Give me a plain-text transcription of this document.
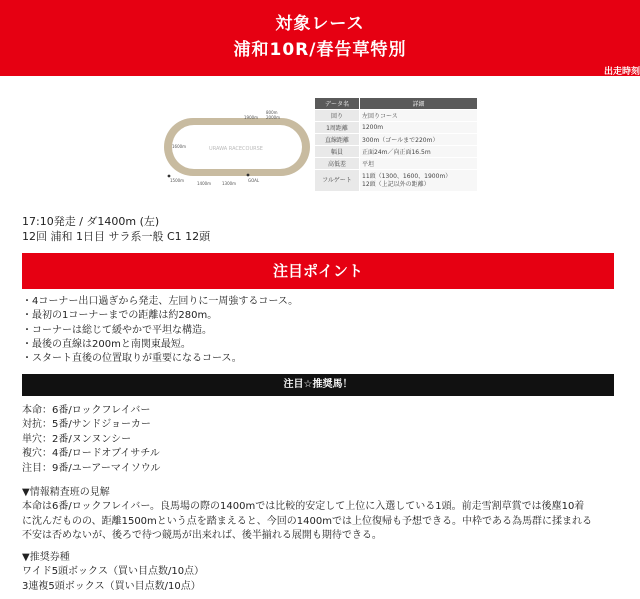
対象レース
浦和10R/春告草特別
出走時刻
URAWA RACECOURSE
800m
1900m 2000m
1600m
1500m
1400m	1300m
GOAL
データ名	詳細
回り	左回りコース
1周距離	1200m
直線距離	300m（ゴールまで220m）
幅員	正面24m／向正面16.5m
高低差	平坦
フルゲート	11頭（1300、1600、1900m）
12頭（上記以外の距離）
17:10発走 / ダ1400m (左)
12回 浦和 1日目 サラ系一般 C1 12頭
注目ポイント
・4コーナー出口過ぎから発走、左回りに一周強するコース。
・最初の1コーナーまでの距離は約280m。
・コーナーは総じて緩やかで平坦な構造。
・最後の直線は200mと南関東最短。
・スタート直後の位置取りが重要になるコース。
注目☆推奨馬！
本命：6番/ロックフレイバー
対抗：5番/サンドジョーカー
単穴：2番/ヌンヌンシー
複穴：4番/ロードオブイサチル
注目：9番/ユーアーマイソウル

▼情報精査班の見解

本命は6番/ロックフレイバー。良馬場の際の1400mでは比較的安定して上位に入選している1頭。前走雪割草賞では後塵10着

に沈んだものの、距離1500mという点を踏まえると、今回の1400mでは上位復帰も予想できる。中枠である為馬群に揉まれる

不安は否めないが、後ろで待つ競馬が出来れば、後半揃れる展開も期待できる。

▼推奨券種

ワイド5頭ボックス（買い目点数/10点）

3連複5頭ボックス（買い目点数/10点）
